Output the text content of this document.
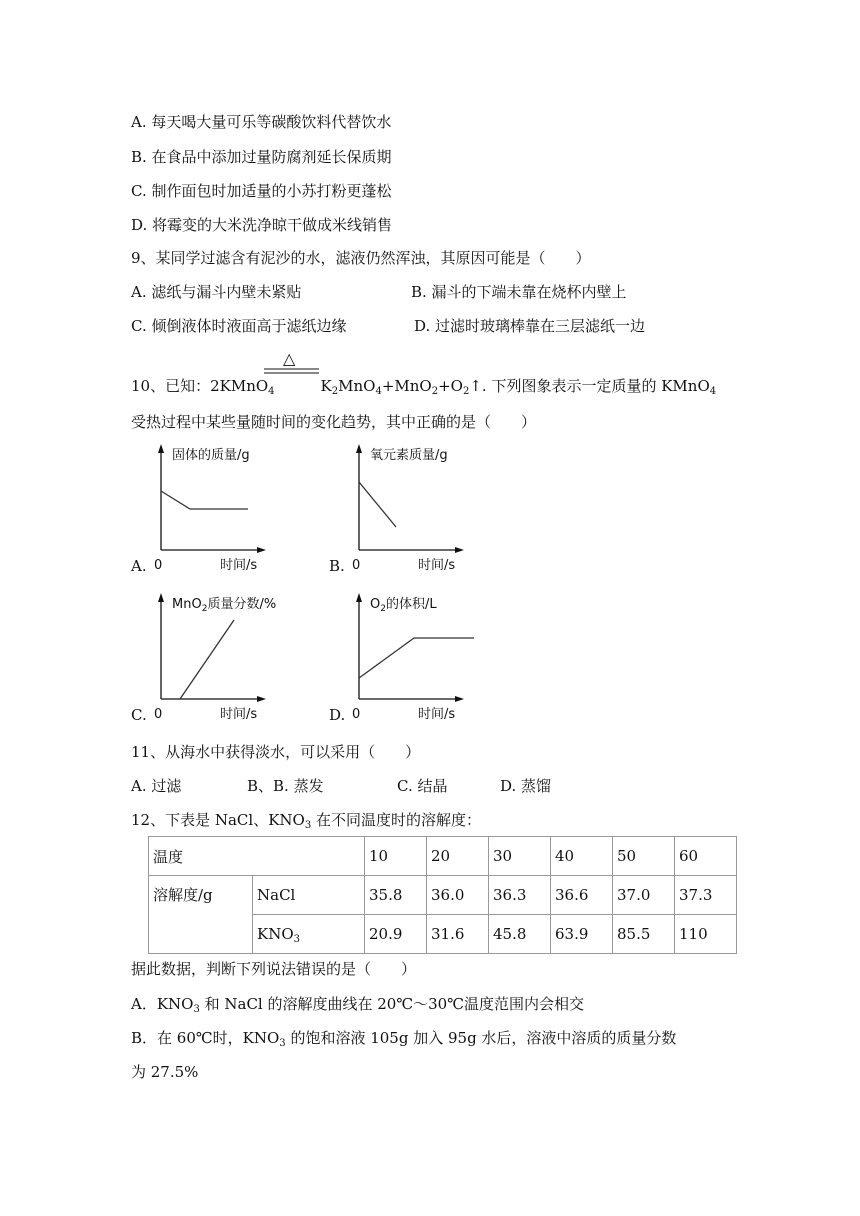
A. 每天喝大量可乐等碳酸饮料代替饮水
B. 在食品中添加过量防腐剂延长保质期
C. 制作面包时加适量的小苏打粉更蓬松
D. 将霉变的大米洗净晾干做成米线销售
9、某同学过滤含有泥沙的水，滤液仍然浑浊，其原因可能是（　　）
A. 滤纸与漏斗内壁未紧贴	B. 漏斗的下端未靠在烧杯内壁上
C. 倾倒液体时液面高于滤纸边缘	D. 过滤时玻璃棒靠在三层滤纸一边
△
10、已知：2KMnO$_4$	$K_2MnO_4+MnO_2+O_2↑$. 下列图象表示一定质量的 KMnO$_4$
受热过程中某些量随时间的变化趋势，其中正确的是（　　）
A.
固体的质量/g
0	时间/s	B.
氧元素质量/g
0	时间/s
C.
MnO$_2$质量分数/%
0	时间/s	D.
$O_2$的体积/L
0	时间/s
11、从海水中获得淡水，可以采用（　　）
A. 过滤	B、B. 蒸发	C. 结晶	D. 蒸馏
12、下表是 NaCl、$KNO_3$ 在不同温度时的溶解度：
温度		10	20	30	40	50	60
溶解度/g	NaCl	35.8	36.0	36.3	36.6	37.0	37.3
	$KNO_3$	20.9	31.6	45.8	63.9	85.5	110
据此数据，判断下列说法错误的是（　　）
A．$KNO_3$ 和 NaCl 的溶解度曲线在 20℃～30℃温度范围内会相交
B．在 60℃时，$KNO_3$ 的饱和溶液 105g 加入 95g 水后，溶液中溶质的质量分数
为 27.5%
